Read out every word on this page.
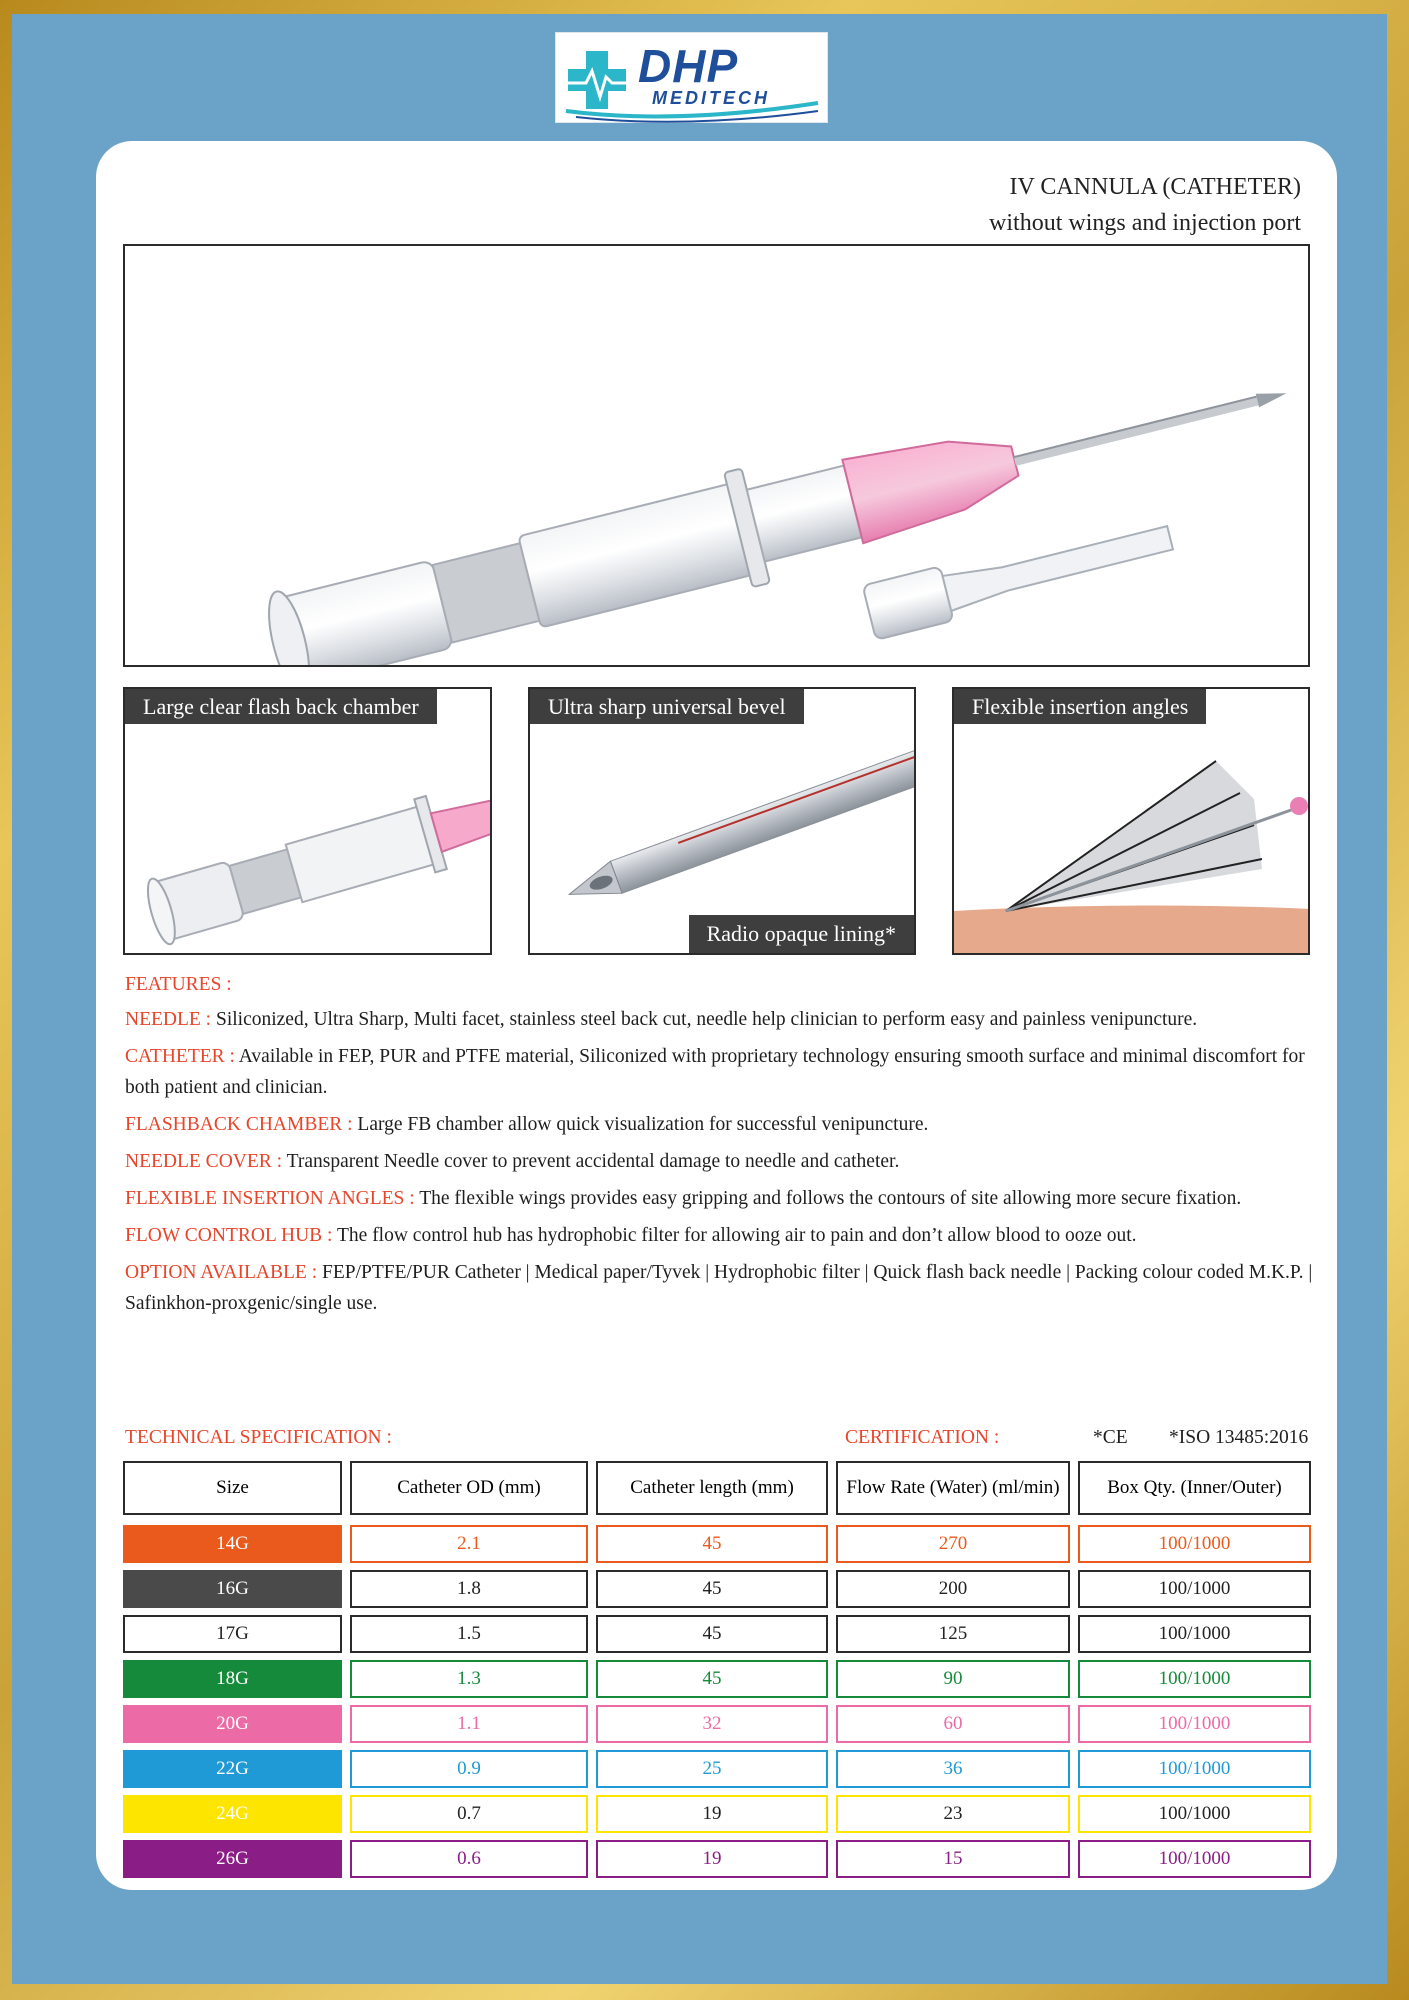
DHP
MEDITECH
IV CANNULA (CATHETER)
without wings and injection port
Large clear flash back chamber	Ultra sharp universal bevel
Radio opaque lining*
Flexible insertion angles
FEATURES :

NEEDLE : Siliconized, Ultra Sharp, Multi facet, stainless steel back cut, needle help clinician to perform easy and painless venipuncture.

CATHETER : Available in FEP, PUR and PTFE material, Siliconized with proprietary technology ensuring smooth surface and minimal discomfort for both patient and clinician.

FLASHBACK CHAMBER : Large FB chamber allow quick visualization for successful venipuncture.

NEEDLE COVER : Transparent Needle cover to prevent accidental damage to needle and catheter.

FLEXIBLE INSERTION ANGLES : The flexible wings provides easy gripping and follows the contours of site allowing more secure fixation.

FLOW CONTROL HUB : The flow control hub has hydrophobic filter for allowing air to pain and don’t allow blood to ooze out.

OPTION AVAILABLE : FEP/PTFE/PUR Catheter | Medical paper/Tyvek | Hydrophobic filter | Quick flash back needle | Packing colour coded M.K.P. | Safinkhon-proxgenic/single use.

TECHNICAL SPECIFICATION :	CERTIFICATION :	*CE *ISO 13485:2016
Size	Catheter OD (mm)	Catheter length (mm)	Flow Rate (Water) (ml/min)	Box Qty. (Inner/Outer)
14G	2.1	45	270	100/1000
16G	1.8	45	200	100/1000
17G	1.5	45	125	100/1000
18G	1.3	45	90	100/1000
20G	1.1	32	60	100/1000
22G	0.9	25	36	100/1000
24G	0.7	19	23	100/1000
26G	0.6	19	15	100/1000
